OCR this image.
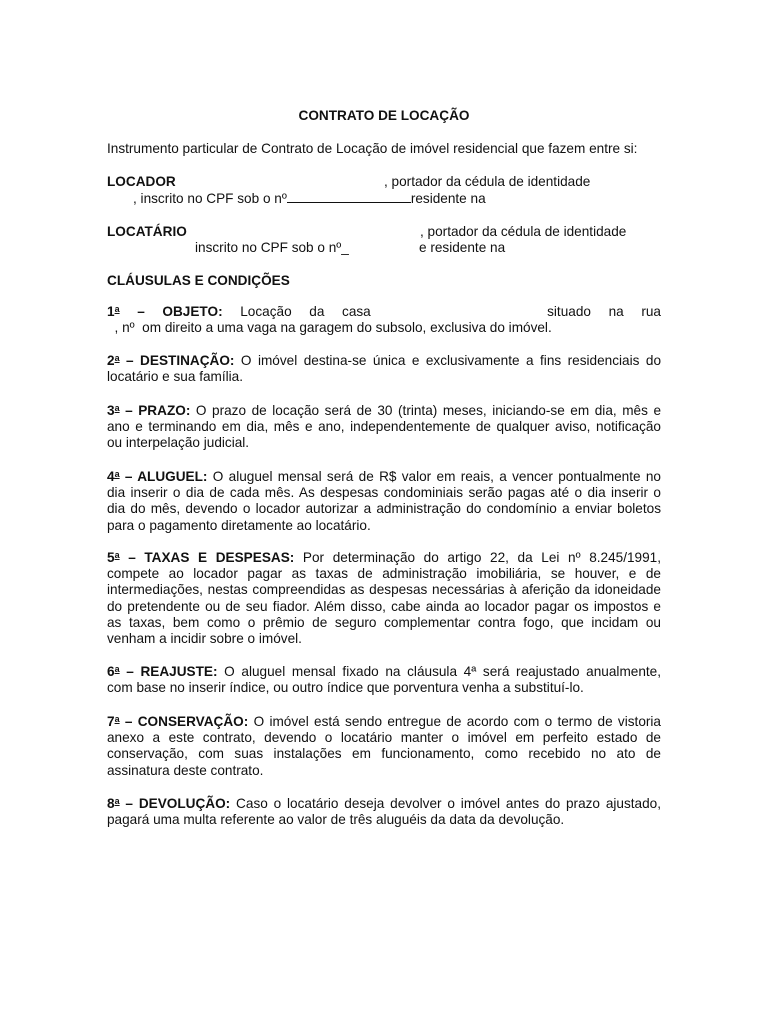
CONTRATO DE LOCAÇÃO
Instrumento particular de Contrato de Locação de imóvel residencial que fazem entre si:
LOCADOR	, portador da cédula de identidade
, inscrito no CPF sob o nº	residente na
LOCATÁRIO	, portador da cédula de identidade
inscrito no CPF sob o nº_	e residente na
CLÁUSULAS E CONDIÇÕES
1$^a$ – OBJETO: Locação da casa          situado na rua
, nº  om direito a uma vaga na garagem do subsolo, exclusiva do imóvel.
2$^a$ – DESTINAÇÃO: O imóvel destina-se única e exclusivamente a fins residenciais do
locatário e sua família.
3$^a$ – PRAZO: O prazo de locação será de 30 (trinta) meses, iniciando-se em dia, mês e
ano e terminando em dia, mês e ano, independentemente de qualquer aviso, notificação
ou interpelação judicial.
4$^a$ – ALUGUEL: O aluguel mensal será de R$ valor em reais, a vencer pontualmente no
dia inserir o dia de cada mês. As despesas condominiais serão pagas até o dia inserir o
dia do mês, devendo o locador autorizar a administração do condomínio a enviar boletos
para o pagamento diretamente ao locatário.
5$^a$ – TAXAS E DESPESAS: Por determinação do artigo 22, da Lei nº 8.245/1991,
compete ao locador pagar as taxas de administração imobiliária, se houver, e de
intermediações, nestas compreendidas as despesas necessárias à aferição da idoneidade
do pretendente ou de seu fiador. Além disso, cabe ainda ao locador pagar os impostos e
as taxas, bem como o prêmio de seguro complementar contra fogo, que incidam ou
venham a incidir sobre o imóvel.
6$^a$ – REAJUSTE: O aluguel mensal fixado na cláusula 4ª será reajustado anualmente,
com base no inserir índice, ou outro índice que porventura venha a substituí-lo.
7$^a$ – CONSERVAÇÃO: O imóvel está sendo entregue de acordo com o termo de vistoria
anexo a este contrato, devendo o locatário manter o imóvel em perfeito estado de
conservação, com suas instalações em funcionamento, como recebido no ato de
assinatura deste contrato.
8$^a$ – DEVOLUÇÃO: Caso o locatário deseja devolver o imóvel antes do prazo ajustado,
pagará uma multa referente ao valor de três aluguéis da data da devolução.
